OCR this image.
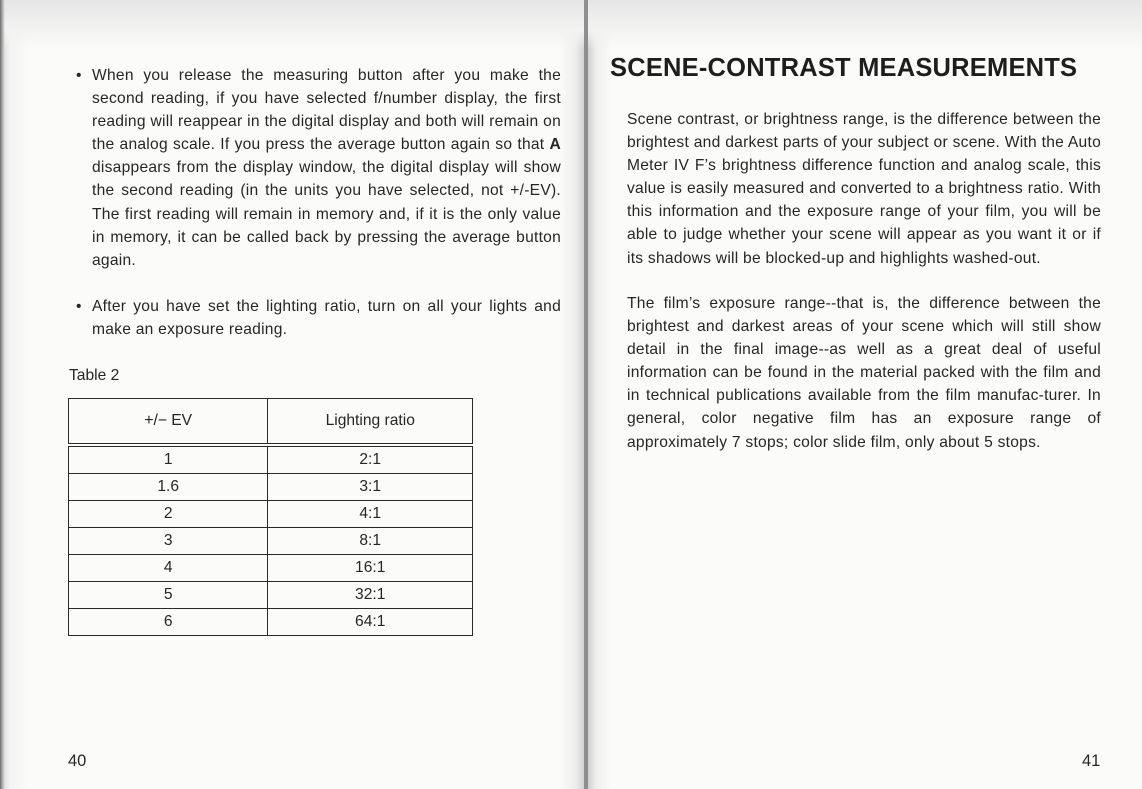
• When you release the measuring button after you make the second reading, if you have selected f/number display, the first reading will reappear in the digital display and both will remain on the analog scale. If you press the average button again so that A disappears from the display window, the digital display will show the second reading (in the units you have selected, not +/-EV). The first reading will remain in memory and, if it is the only value in memory, it can be called back by pressing the average button again.

• After you have set the lighting ratio, turn on all your lights and make an exposure reading.

Table 2
+/− EV	Lighting ratio
1	2:1
1.6	3:1
2	4:1
3	8:1
4	16:1
5	32:1
6	64:1
40
SCENE-CONTRAST MEASUREMENTS

Scene contrast, or brightness range, is the difference between the brightest and darkest parts of your subject or scene. With the Auto Meter IV F’s brightness difference function and analog scale, this value is easily measured and converted to a brightness ratio. With this information and the exposure range of your film, you will be able to judge whether your scene will appear as you want it or if its shadows will be blocked-up and highlights washed-out.

The film’s exposure range--that is, the difference between the brightest and darkest areas of your scene which will still show detail in the final image--as well as a great deal of useful information can be found in the material packed with the film and in technical publications available from the film manufac-turer. In general, color negative film has an exposure range of approximately 7 stops; color slide film, only about 5 stops.

41
